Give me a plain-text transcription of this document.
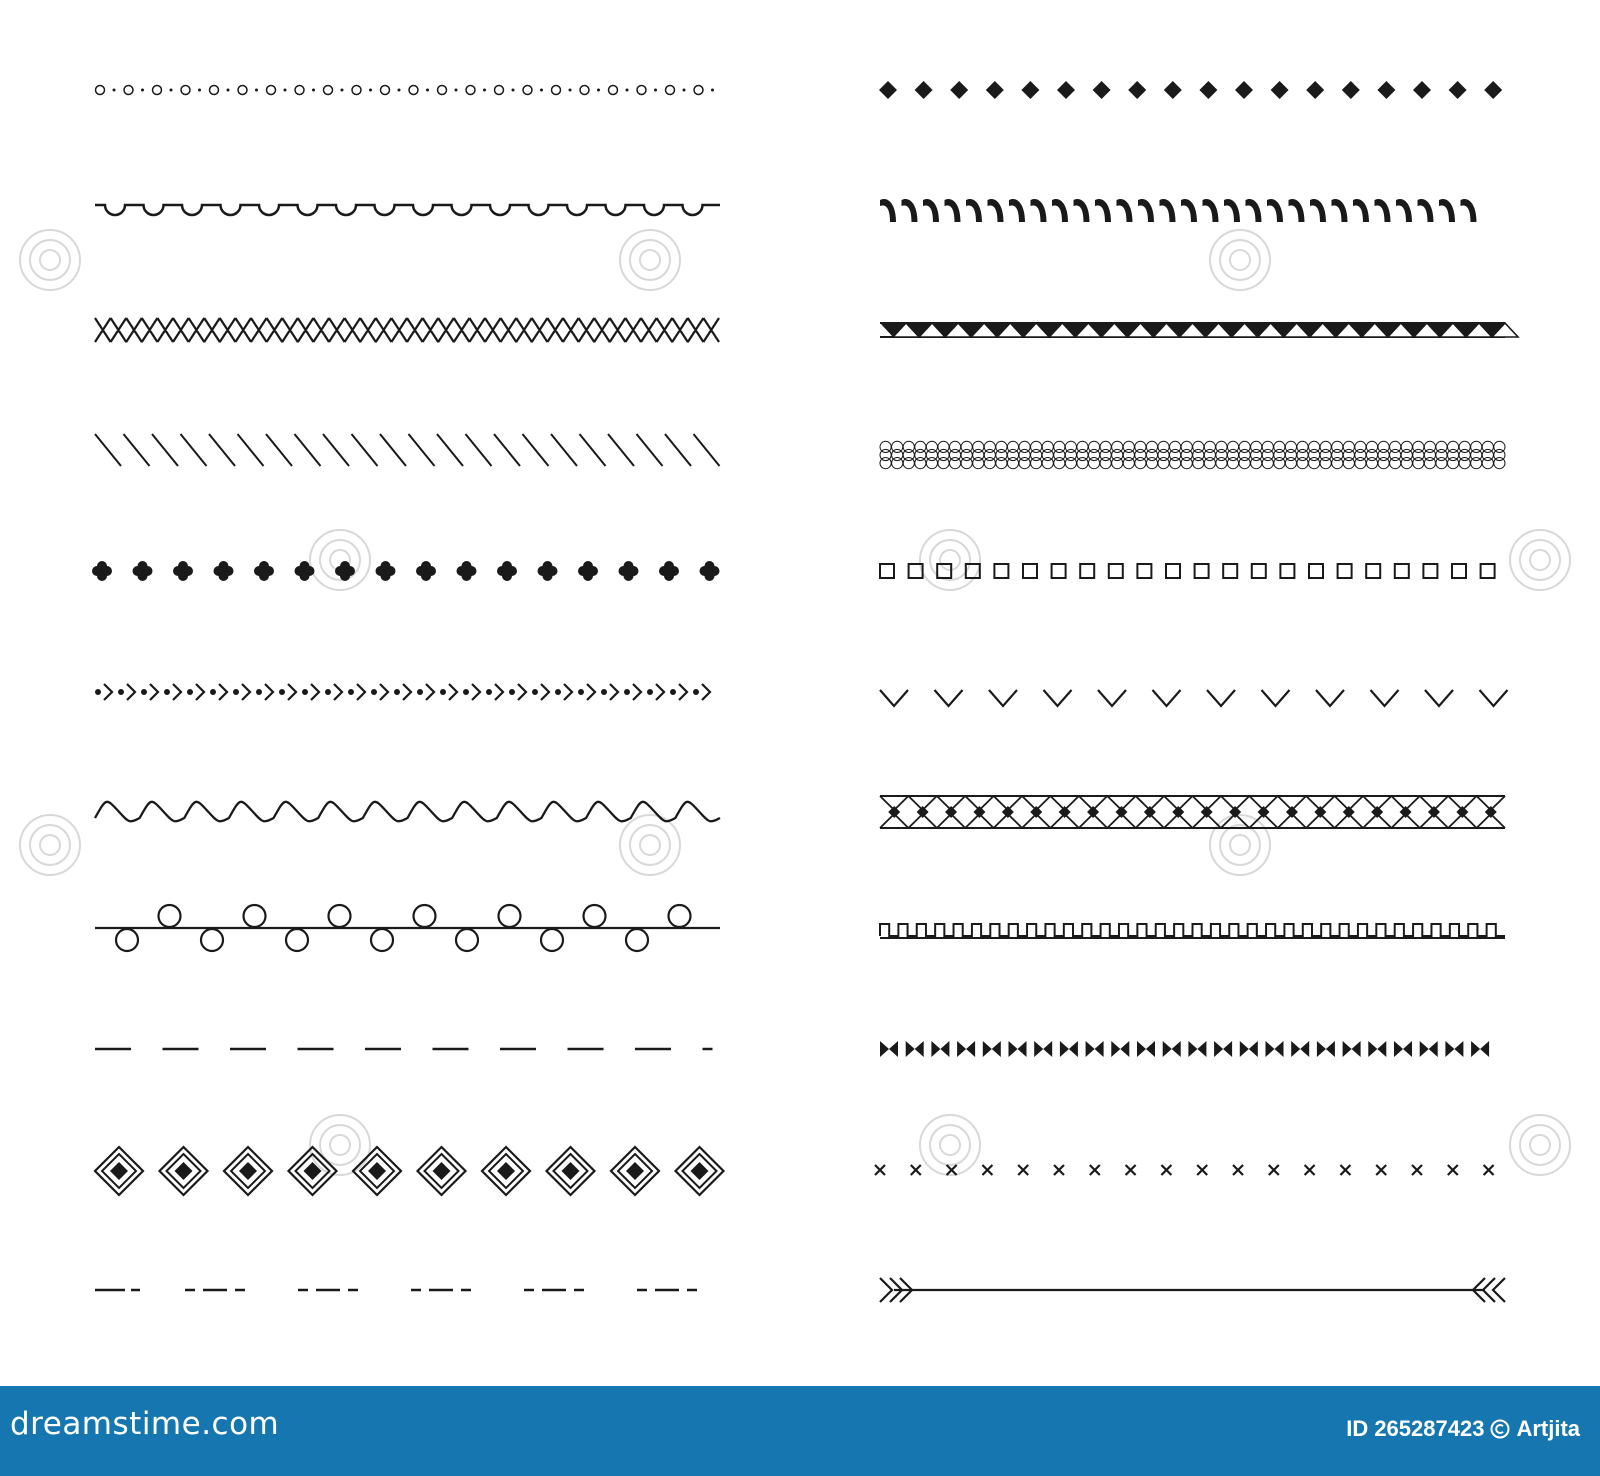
dreamstime.com	ID 265287423 Artjita
